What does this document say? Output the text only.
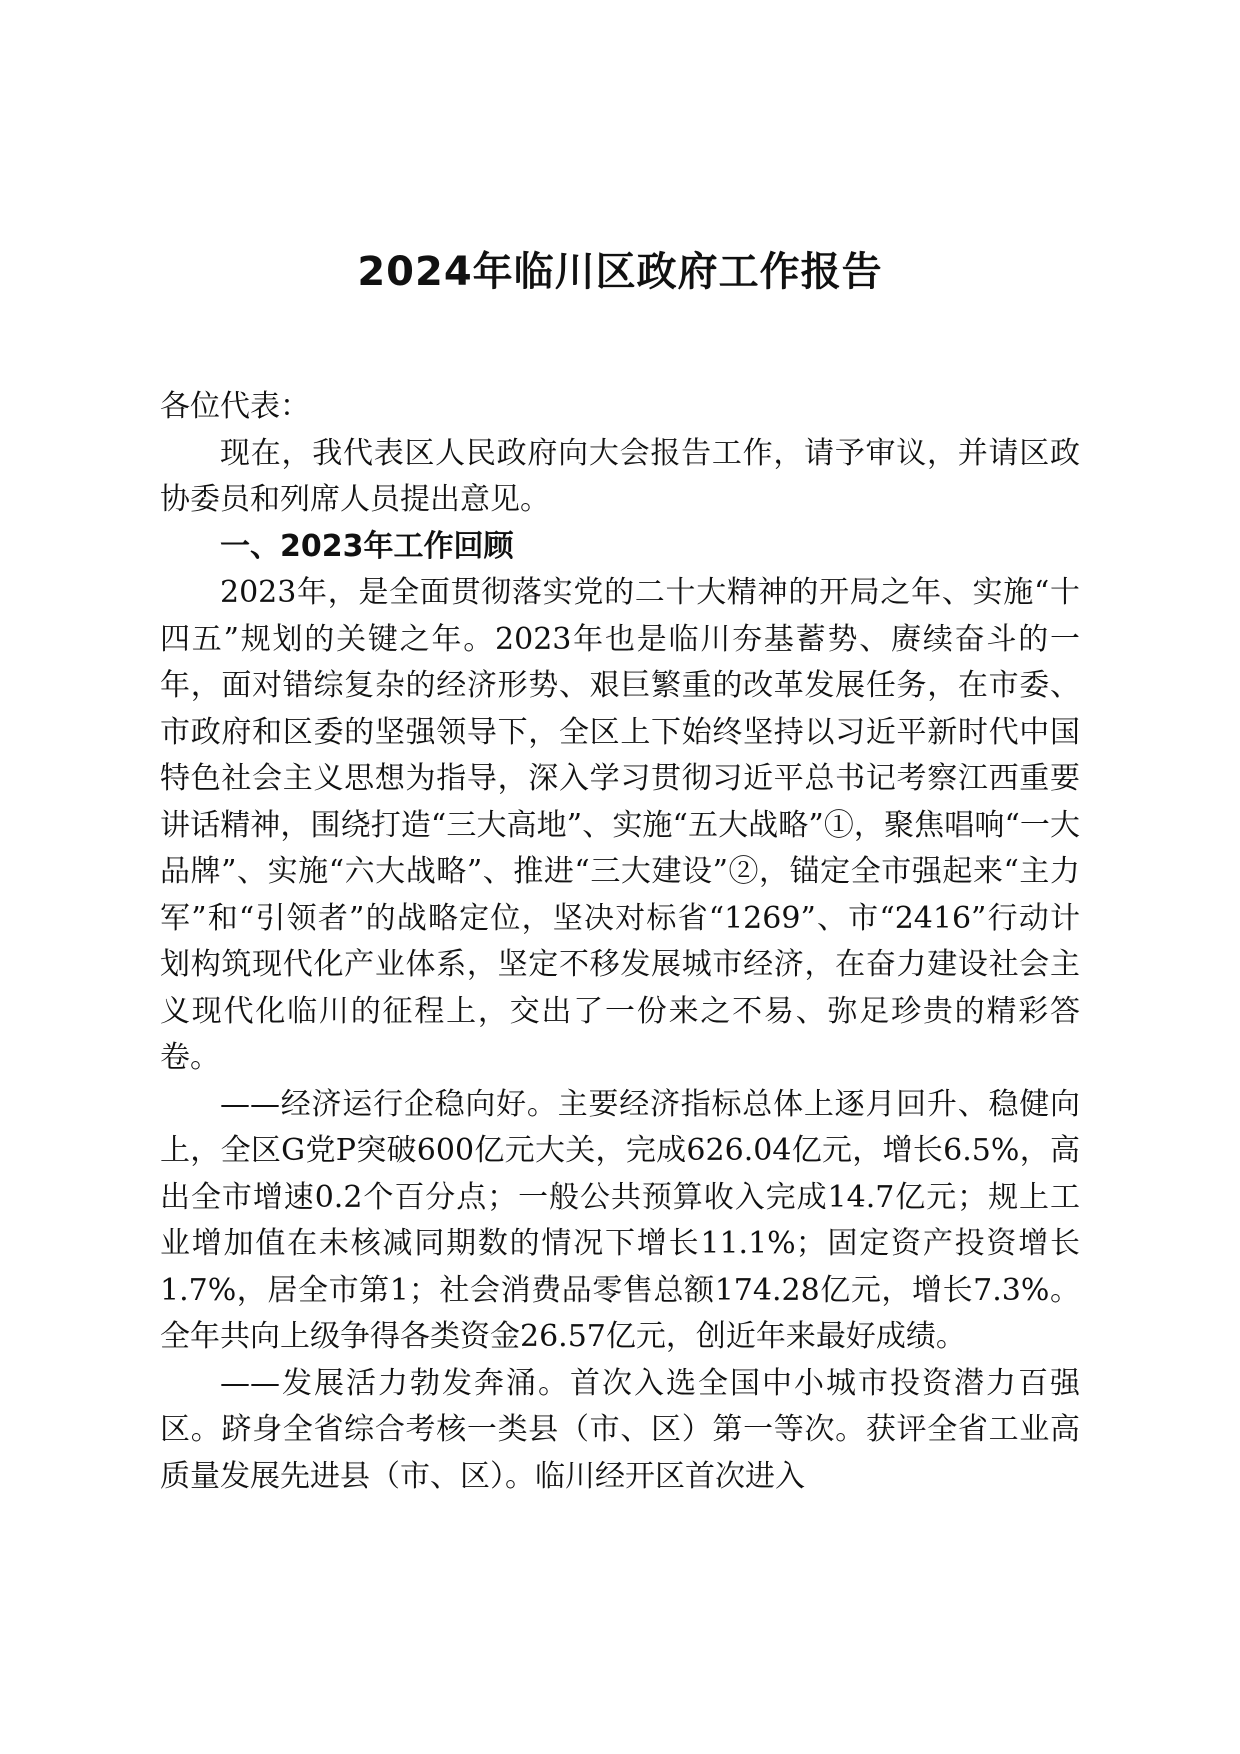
2024年临川区政府工作报告

各位代表：

现在，我代表区人民政府向大会报告工作，请予审议，并请区政协委员和列席人员提出意见。

一、2023年工作回顾

2023年，是全面贯彻落实党的二十大精神的开局之年、实施“十四五”规划的关键之年。2023年也是临川夯基蓄势、赓续奋斗的一年，面对错综复杂的经济形势、艰巨繁重的改革发展任务，在市委、市政府和区委的坚强领导下，全区上下始终坚持以习近平新时代中国特色社会主义思想为指导，深入学习贯彻习近平总书记考察江西重要讲话精神，围绕打造“三大高地”、实施“五大战略”①，聚焦唱响“一大品牌”、实施“六大战略”、推进“三大建设”②，锚定全市强起来“主力军”和“引领者”的战略定位，坚决对标省“1269”、市“2416”行动计划构筑现代化产业体系，坚定不移发展城市经济，在奋力建设社会主义现代化临川的征程上，交出了一份来之不易、弥足珍贵的精彩答卷。

——经济运行企稳向好。主要经济指标总体上逐月回升、稳健向上，全区G党P突破600亿元大关，完成626.04亿元，增长6.5%，高出全市增速0.2个百分点；一般公共预算收入完成14.7亿元；规上工业增加值在未核减同期数的情况下增长11.1%；固定资产投资增长1.7%，居全市第1；社会消费品零售总额174.28亿元，增长7.3%。全年共向上级争得各类资金26.57亿元，创近年来最好成绩。

——发展活力勃发奔涌。首次入选全国中小城市投资潜力百强区。跻身全省综合考核一类县（市、区）第一等次。获评全省工业高质量发展先进县（市、区）。临川经开区首次进入
